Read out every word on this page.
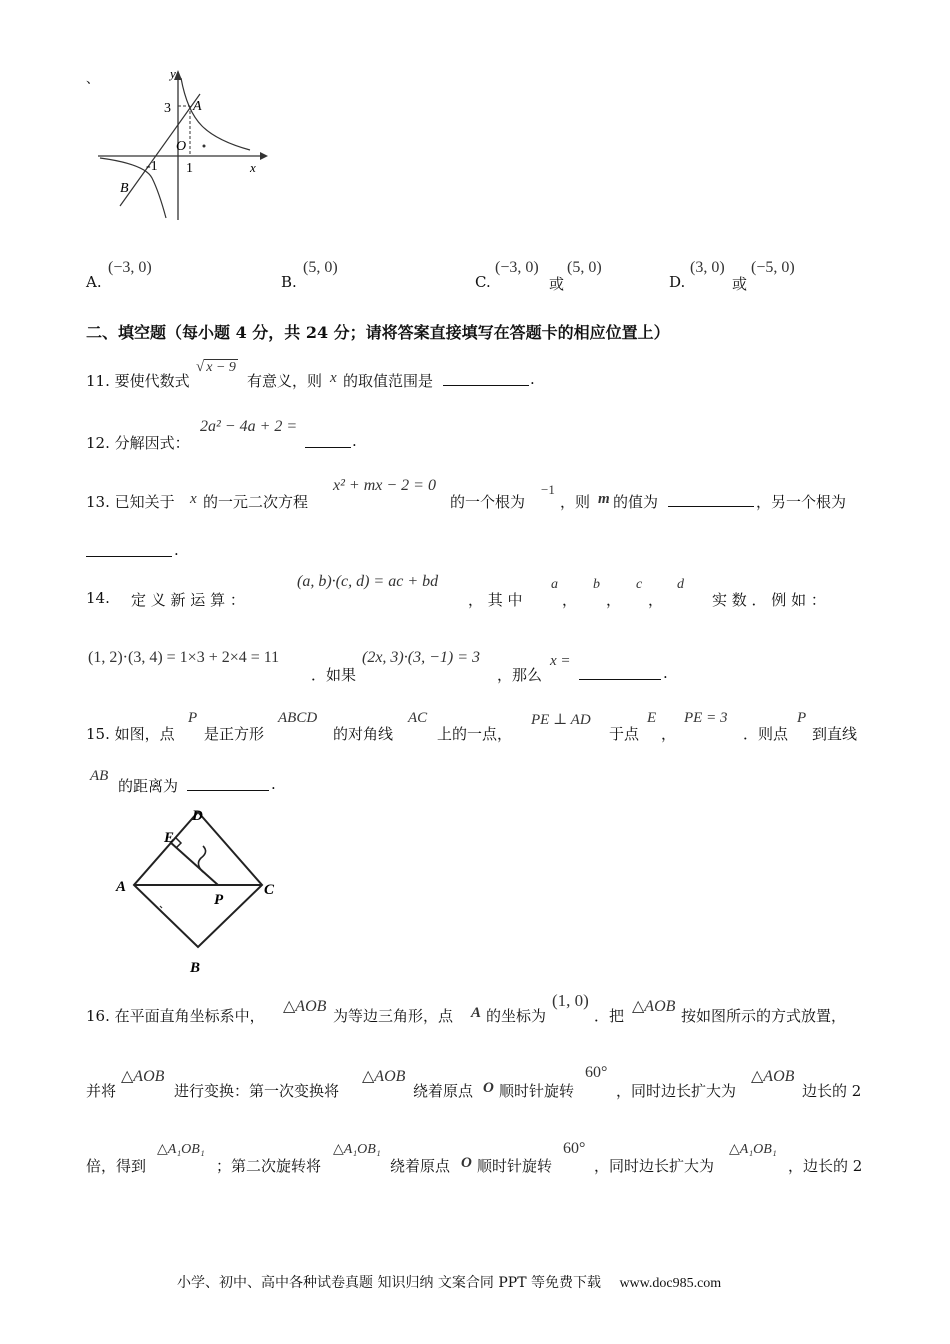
、	y
x
3 A
O
-1 1
B
A.
(−3, 0)
B.
(5, 0)
C.
(−3, 0)
或
(5, 0)
D.
(3, 0)
或
(−5, 0)
二、填空题（每小题 4 分，共 24 分；请将答案直接填写在答题卡的相应位置上）
11. 要使代数式
√ x − 9
有意义，则 x 的取值范围是	.
12. 分解因式：
2a² − 4a + 2 =
.
13. 已知关于 x 的一元二次方程
x² + mx − 2 = 0
的一个根为
−1
，则 m 的值为	，另一个根为
.
14. 定 义 新 运 算 ：
(a, b)·(c, d) = ac + bd
， 其 中
a
，
b
，
c
，
d
实 数 ． 例 如 ：
(1, 2)·(3, 4) = 1×3 + 2×4 = 11
．如果
(2x, 3)·(3, −1) = 3
，那么
x =
.
15. 如图，点
P
是正方形
ABCD
的对角线
AC
上的一点，
PE ⊥ AD
于点
E
，
PE = 3
．则点
P
到直线
AB
的距离为	.
A
B
C
D
E
P
16. 在平面直角坐标系中，
△AOB
为等边三角形，点 A 的坐标为
(1, 0)
．把
△AOB
按如图所示的方式放置，
并将
△AOB
进行变换：第一次变换将
△AOB
绕着原点 O 顺时针旋转
60°
，同时边长扩大为
△AOB
边长的 2
倍，得到
△A₁OB₁
；第二次旋转将
△A₁OB₁
绕着原点 O 顺时针旋转
60°
，同时边长扩大为
△A₁OB₁
，边长的 2
小学、初中、高中各种试卷真题 知识归纳 文案合同 PPT 等免费下载 www.doc985.com
